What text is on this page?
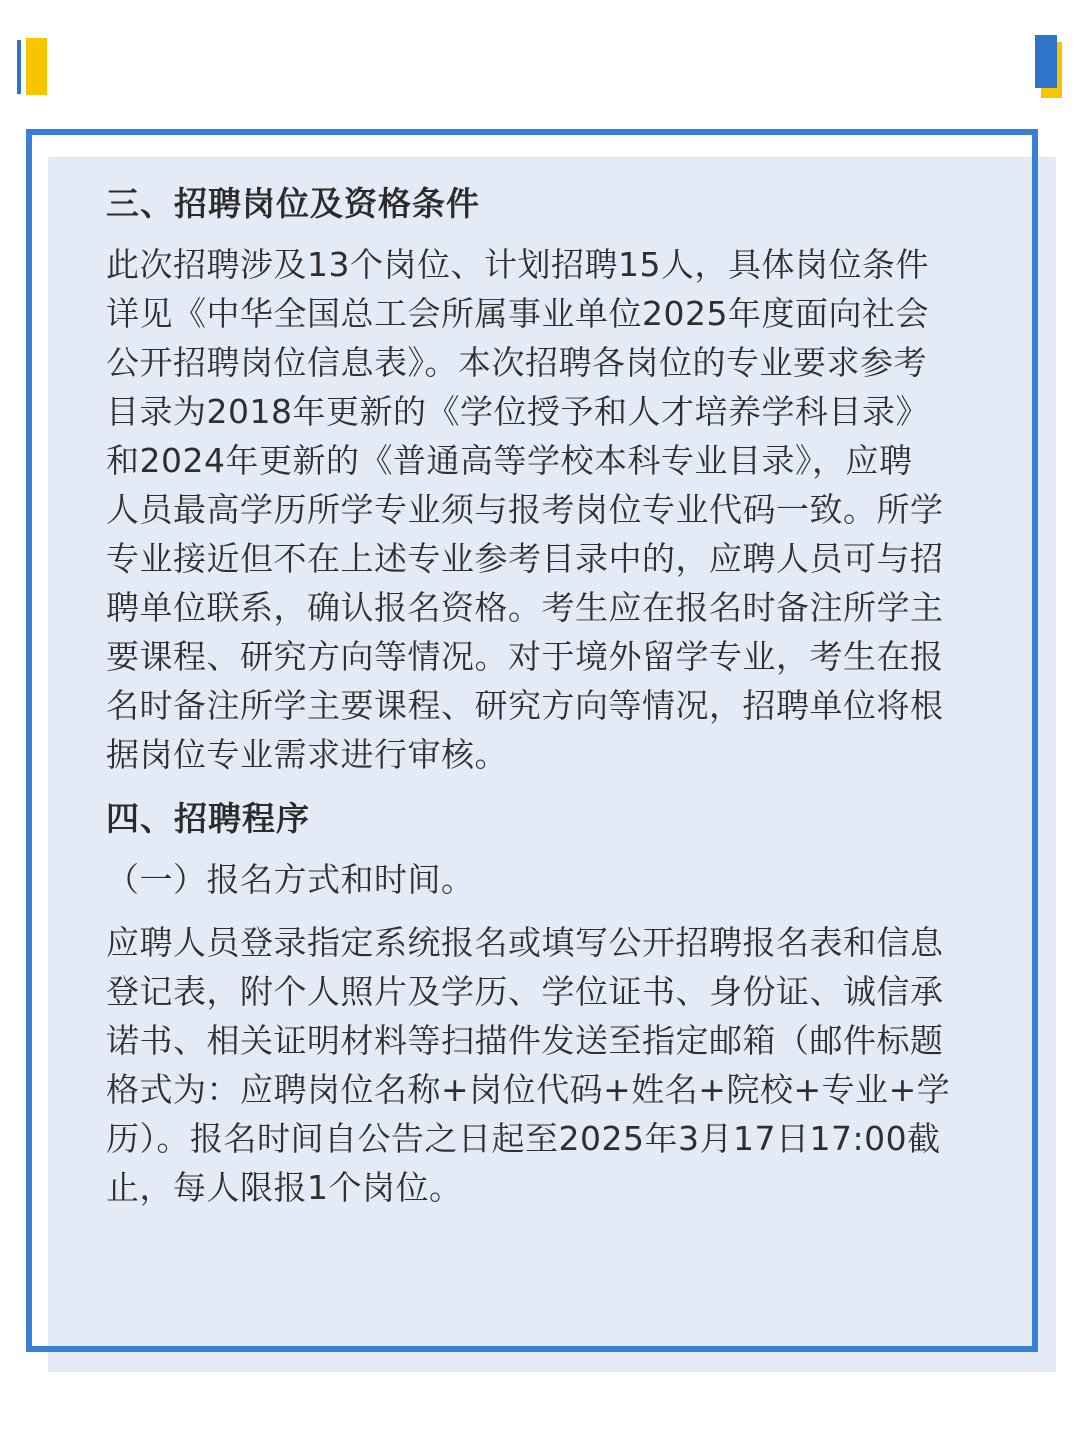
三、招聘岗位及资格条件

此次招聘涉及13个岗位、计划招聘15人，具体岗位条件

详见《中华全国总工会所属事业单位2025年度面向社会

公开招聘岗位信息表》。本次招聘各岗位的专业要求参考

目录为2018年更新的《学位授予和人才培养学科目录》

和2024年更新的《普通高等学校本科专业目录》，应聘

人员最高学历所学专业须与报考岗位专业代码一致。所学

专业接近但不在上述专业参考目录中的，应聘人员可与招

聘单位联系，确认报名资格。考生应在报名时备注所学主

要课程、研究方向等情况。对于境外留学专业，考生在报

名时备注所学主要课程、研究方向等情况，招聘单位将根

据岗位专业需求进行审核。

四、招聘程序

（一）报名方式和时间。

应聘人员登录指定系统报名或填写公开招聘报名表和信息

登记表，附个人照片及学历、学位证书、身份证、诚信承

诺书、相关证明材料等扫描件发送至指定邮箱（邮件标题

格式为：应聘岗位名称+岗位代码+姓名+院校+专业+学

历）。报名时间自公告之日起至2025年3月17日17:00截

止，每人限报1个岗位。
